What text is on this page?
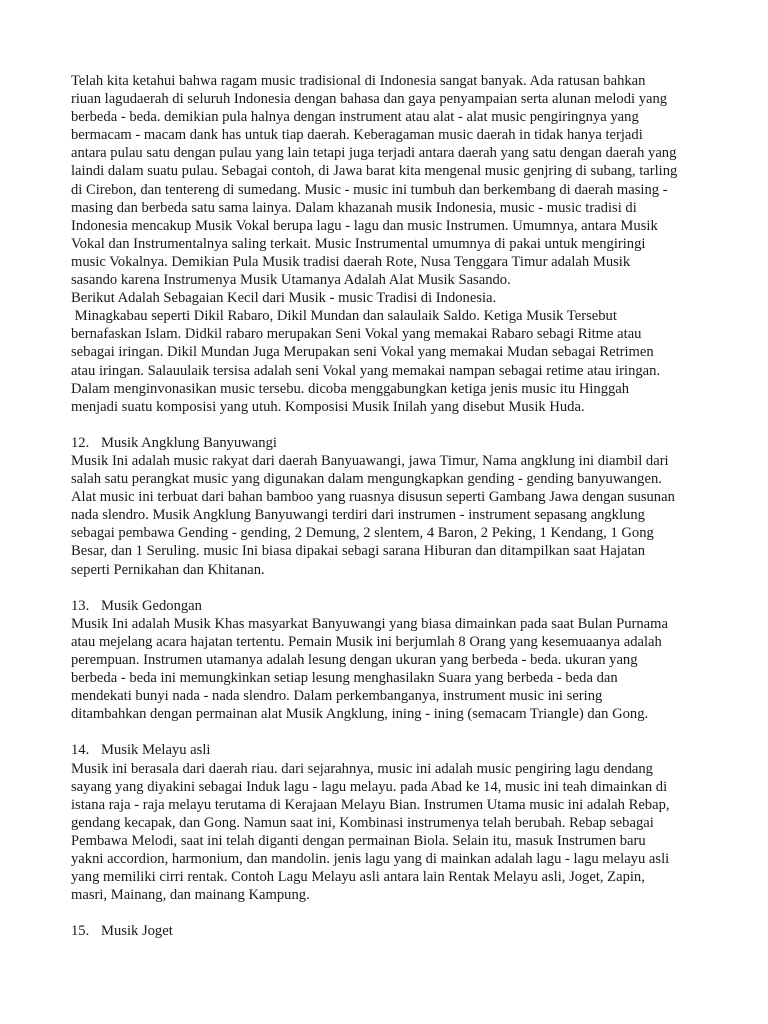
Telah kita ketahui bahwa ragam music tradisional di Indonesia sangat banyak. Ada ratusan bahkan
riuan lagudaerah di seluruh Indonesia dengan bahasa dan gaya penyampaian serta alunan melodi yang
berbeda - beda. demikian pula halnya dengan instrument atau alat - alat music pengiringnya yang
bermacam - macam dank has untuk tiap daerah. Keberagaman music daerah in tidak hanya terjadi
antara pulau satu dengan pulau yang lain tetapi juga terjadi antara daerah yang satu dengan daerah yang
laindi dalam suatu pulau. Sebagai contoh, di Jawa barat kita mengenal music genjring di subang, tarling
di Cirebon, dan tentereng di sumedang. Music - music ini tumbuh dan berkembang di daerah masing -
masing dan berbeda satu sama lainya. Dalam khazanah musik Indonesia, music - music tradisi di
Indonesia mencakup Musik Vokal berupa lagu - lagu dan music Instrumen. Umumnya, antara Musik
Vokal dan Instrumentalnya saling terkait. Music Instrumental umumnya di pakai untuk mengiringi
music Vokalnya. Demikian Pula Musik tradisi daerah Rote, Nusa Tenggara Timur adalah Musik
sasando karena Instrumenya Musik Utamanya Adalah Alat Musik Sasando.

Berikut Adalah Sebagaian Kecil dari Musik - music Tradisi di Indonesia.

Minagkabau seperti Dikil Rabaro, Dikil Mundan dan salaulaik Saldo. Ketiga Musik Tersebut
bernafaskan Islam. Didkil rabaro merupakan Seni Vokal yang memakai Rabaro sebagi Ritme atau
sebagai iringan. Dikil Mundan Juga Merupakan seni Vokal yang memakai Mudan sebagai Retrimen
atau iringan. Salauulaik tersisa adalah seni Vokal yang memakai nampan sebagai retime atau iringan.
Dalam menginvonasikan music tersebu. dicoba menggabungkan ketiga jenis music itu Hinggah
menjadi suatu komposisi yang utuh. Komposisi Musik Inilah yang disebut Musik Huda.

12. Musik Angklung Banyuwangi

Musik Ini adalah music rakyat dari daerah Banyuawangi, jawa Timur, Nama angklung ini diambil dari
salah satu perangkat music yang digunakan dalam mengungkapkan gending - gending banyuwangen.
Alat music ini terbuat dari bahan bamboo yang ruasnya disusun seperti Gambang Jawa dengan susunan
nada slendro. Musik Angklung Banyuwangi terdiri dari instrumen - instrument sepasang angklung
sebagai pembawa Gending - gending, 2 Demung, 2 slentem, 4 Baron, 2 Peking, 1 Kendang, 1 Gong
Besar, dan 1 Seruling. music Ini biasa dipakai sebagi sarana Hiburan dan ditampilkan saat Hajatan
seperti Pernikahan dan Khitanan.

13. Musik Gedongan

Musik Ini adalah Musik Khas masyarkat Banyuwangi yang biasa dimainkan pada saat Bulan Purnama
atau mejelang acara hajatan tertentu. Pemain Musik ini berjumlah 8 Orang yang kesemuaanya adalah
perempuan. Instrumen utamanya adalah lesung dengan ukuran yang berbeda - beda. ukuran yang
berbeda - beda ini memungkinkan setiap lesung menghasilakn Suara yang berbeda - beda dan
mendekati bunyi nada - nada slendro. Dalam perkembanganya, instrument music ini sering
ditambahkan dengan permainan alat Musik Angklung, ining - ining (semacam Triangle) dan Gong.

14. Musik Melayu asli

Musik ini berasala dari daerah riau. dari sejarahnya, music ini adalah music pengiring lagu dendang
sayang yang diyakini sebagai Induk lagu - lagu melayu. pada Abad ke 14, music ini teah dimainkan di
istana raja - raja melayu terutama di Kerajaan Melayu Bian. Instrumen Utama music ini adalah Rebap,
gendang kecapak, dan Gong. Namun saat ini, Kombinasi instrumenya telah berubah. Rebap sebagai
Pembawa Melodi, saat ini telah diganti dengan permainan Biola. Selain itu, masuk Instrumen baru
yakni accordion, harmonium, dan mandolin. jenis lagu yang di mainkan adalah lagu - lagu melayu asli
yang memiliki cirri rentak. Contoh Lagu Melayu asli antara lain Rentak Melayu asli, Joget, Zapin,
masri, Mainang, dan mainang Kampung.

15. Musik Joget
